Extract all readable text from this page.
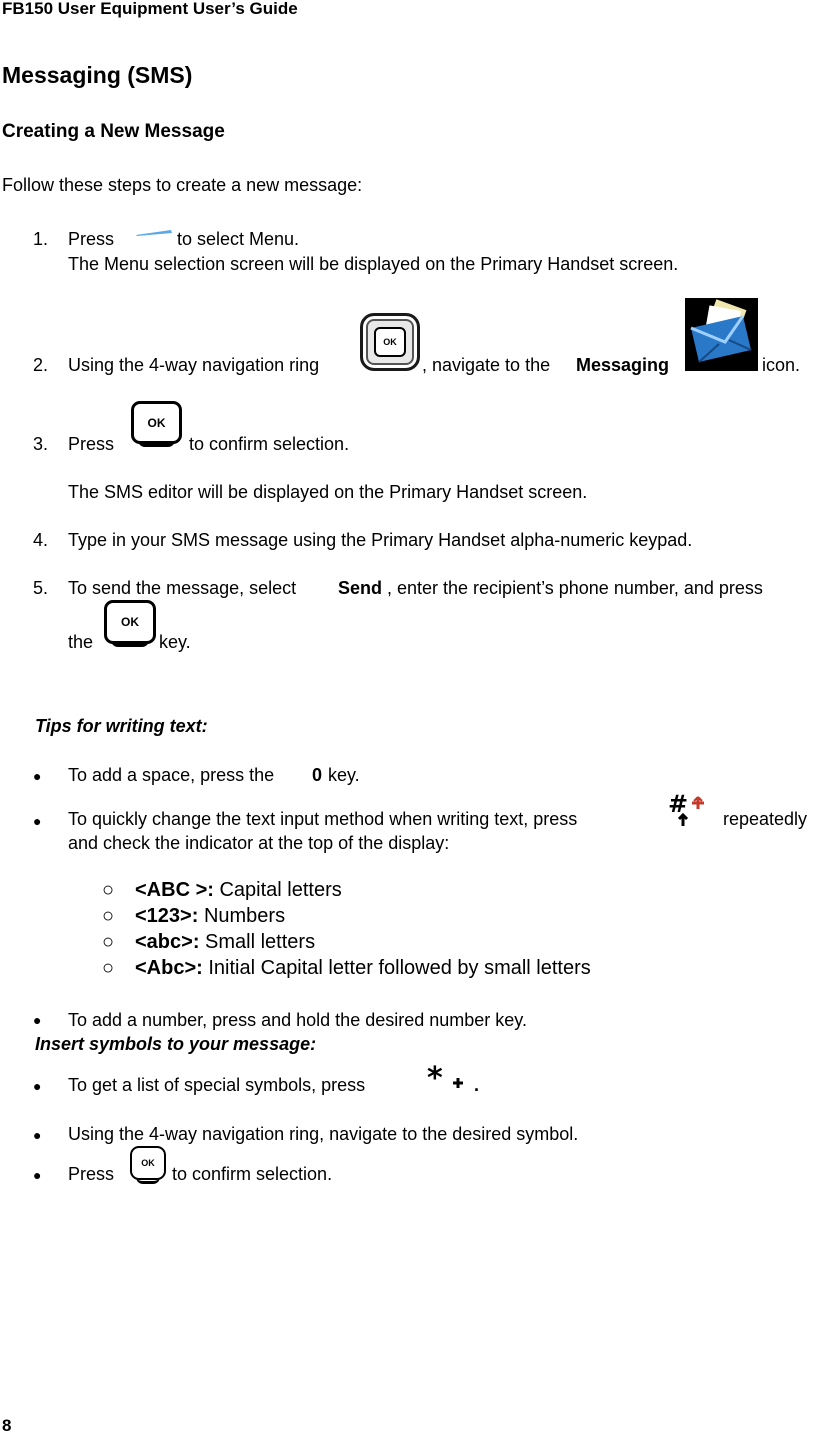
FB150 User Equipment User’s Guide
Messaging (SMS)
Creating a New Message
Follow these steps to create a new message:
1. Press	to select Menu.
The Menu selection screen will be displayed on the Primary Handset screen.
2. Using the 4-way navigation ring
OK
, navigate to the Messaging	icon.
3. Press
OK
to confirm selection.
The SMS editor will be displayed on the Primary Handset screen.
4. Type in your SMS message using the Primary Handset alpha-numeric keypad.
5. To send the message, select Send , enter the recipient’s phone number, and press
the
OK
key.
Tips for writing text:
● To add a space, press the 0 key.
● To quickly change the text input method when writing text, press
#
repeatedly
and check the indicator at the top of the display:
○ <ABC >: Capital letters
○ <123>: Numbers
○ <abc>: Small letters
○ <Abc>: Initial Capital letter followed by small letters
● To add a number, press and hold the desired number key.
Insert symbols to your message:
● To get a list of special symbols, press * .
● Using the 4-way navigation ring, navigate to the desired symbol.
● Press
OK
to confirm selection.
8
